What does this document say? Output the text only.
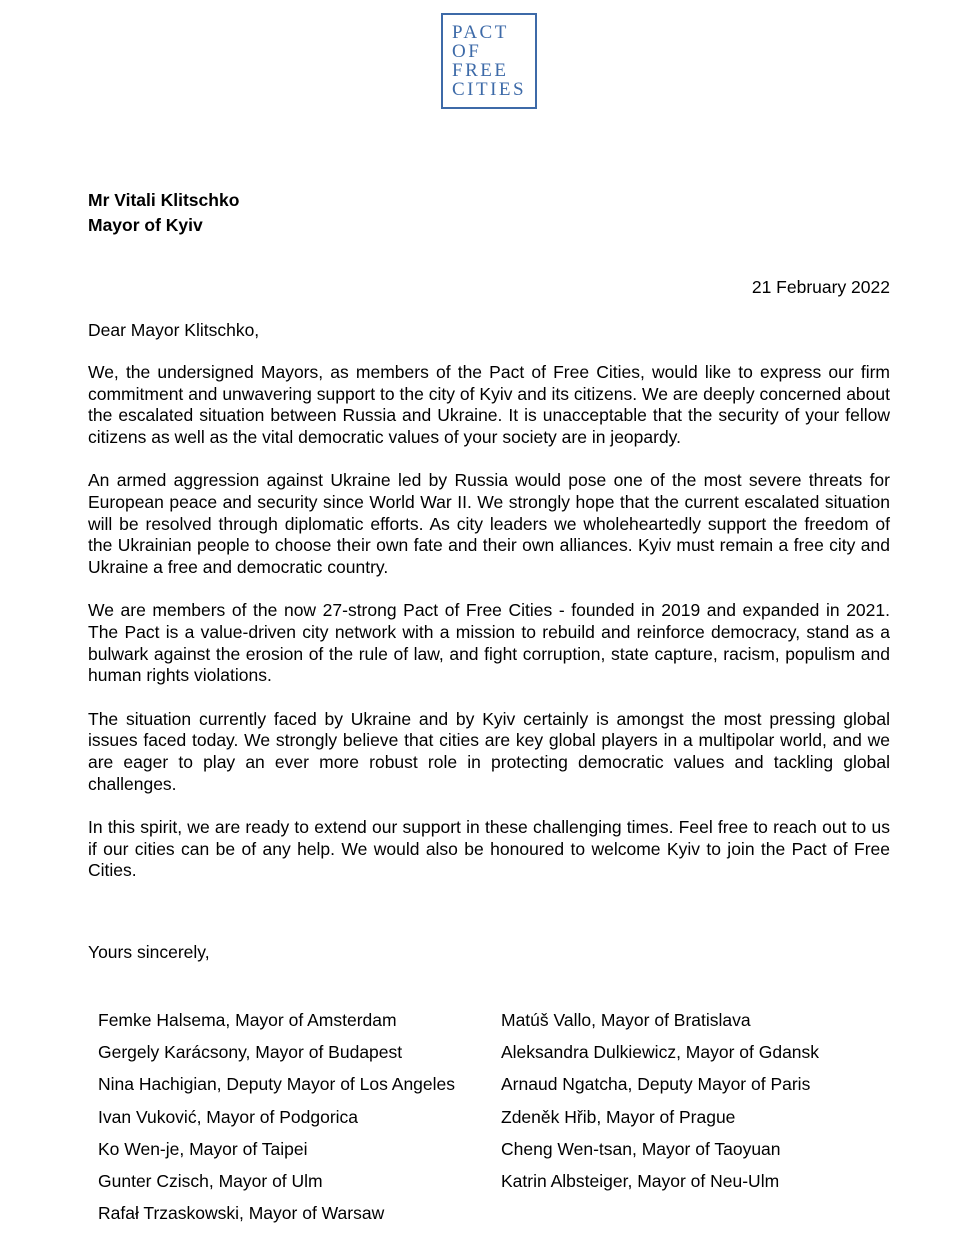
PACT
OF
FREE
CITIES
Mr Vitali Klitschko
Mayor of Kyiv
21 February 2022
Dear Mayor Klitschko,

We, the undersigned Mayors, as members of the Pact of Free Cities, would like to express our firm commitment and unwavering support to the city of Kyiv and its citizens. We are deeply concerned about the escalated situation between Russia and Ukraine. It is unacceptable that the security of your fellow citizens as well as the vital democratic values of your society are in jeopardy.

An armed aggression against Ukraine led by Russia would pose one of the most severe threats for European peace and security since World War II. We strongly hope that the current escalated situation will be resolved through diplomatic efforts. As city leaders we wholeheartedly support the freedom of the Ukrainian people to choose their own fate and their own alliances. Kyiv must remain a free city and Ukraine a free and democratic country.

We are members of the now 27-strong Pact of Free Cities - founded in 2019 and expanded in 2021. The Pact is a value-driven city network with a mission to rebuild and reinforce democracy, stand as a bulwark against the erosion of the rule of law, and fight corruption, state capture, racism, populism and human rights violations.

The situation currently faced by Ukraine and by Kyiv certainly is amongst the most pressing global issues faced today. We strongly believe that cities are key global players in a multipolar world, and we are eager to play an ever more robust role in protecting democratic values and tackling global challenges.

In this spirit, we are ready to extend our support in these challenging times. Feel free to reach out to us if our cities can be of any help. We would also be honoured to welcome Kyiv to join the Pact of Free Cities.

Yours sincerely,
Femke Halsema, Mayor of Amsterdam	Matúš Vallo, Mayor of Bratislava
Gergely Karácsony, Mayor of Budapest	Aleksandra Dulkiewicz, Mayor of Gdansk
Nina Hachigian, Deputy Mayor of Los Angeles	Arnaud Ngatcha, Deputy Mayor of Paris
Ivan Vuković, Mayor of Podgorica	Zdeněk Hřib, Mayor of Prague
Ko Wen-je, Mayor of Taipei	Cheng Wen-tsan, Mayor of Taoyuan
Gunter Czisch, Mayor of Ulm	Katrin Albsteiger, Mayor of Neu-Ulm
Rafał Trzaskowski, Mayor of Warsaw
